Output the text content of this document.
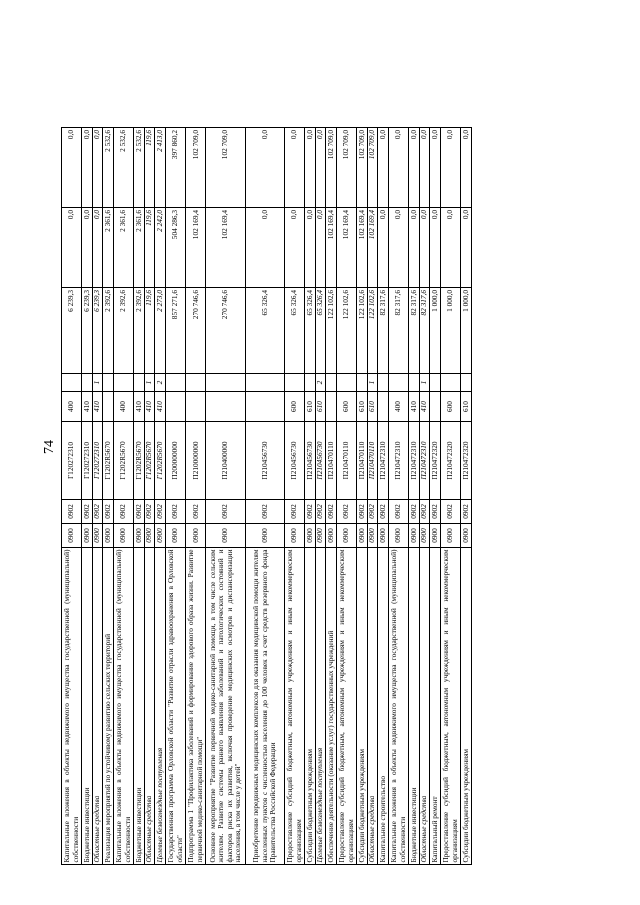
74
Капитальные вложения в объекты недвижимого имущества государственной (муниципальной) собственности	0900	0902	Г120272310	400		6 239,3	0,0	0,0
Бюджетные инвестиции	0900	0902	Г120272310	410		6 239,3	0,0	0,0
Областные средства	0900	0902	Г120272310	410	1	6 239,3	0,0	0,0
Реализация мероприятий по устойчивому развитию сельских территорий	0900	0902	Г1202R5670			2 392,6	2 361,6	2 532,6
Капитальные вложения в объекты недвижимого имущества государственной (муниципальной) собственности	0900	0902	Г1202R5670	400		2 392,6	2 361,6	2 532,6
Бюджетные инвестиции	0900	0902	Г1202R5670	410		2 392,6	2 361,6	2 532,6
Областные средства	0900	0902	Г1202R5670	410	1	119,6	119,6	119,6
Целевые безвозмездные поступления	0900	0902	Г1202R5670	410	2	2 273,0	2 242,0	2 413,0
Государственная программа Орловской области "Развитие отрасли здравоохранения в Орловской области"	0900	0902	П200000000			857 271,6	504 286,3	397 860,2
Подпрограмма 1 "Профилактика заболеваний и формирование здорового образа жизни. Развитие первичной медико-санитарной помощи"	0900	0902	П210000000			270 746,6	102 169,4	102 709,0
Основное мероприятие "Развитие первичной медико-санитарной помощи, в том числе сельским жителям. Развитие системы раннего выявления заболеваний и патологических состояний и факторов риска их развития, включая проведение медицинских осмотров и диспансеризации населения, в том числе у детей"	0900	0902	П210400000			270 746,6	102 169,4	102 709,0
Приобретение передвижных медицинских комплексов для оказания медицинской помощи жителям населенных пунктов с численностью населения до 100 человек за счет средств резервного фонда Правительства Российской Федерации	0900	0902	П210456730			65 326,4	0,0	0,0
Предоставление субсидий бюджетным, автономным учреждениям и иным некоммерческим организациям	0900	0902	П210456730	600		65 326,4	0,0	0,0
Субсидии бюджетным учреждениям	0900	0902	П210456730	610		65 326,4	0,0	0,0
Целевые безвозмездные поступления	0900	0902	П210456730	610	2	65 326,4	0,0	0,0
Обеспечение деятельности (оказание услуг) государственных учреждений	0900	0902	П210470110			122 102,6	102 169,4	102 709,0
Предоставление субсидий бюджетным, автономным учреждениям и иным некоммерческим организациям	0900	0902	П210470110	600		122 102,6	102 169,4	102 709,0
Субсидии бюджетным учреждениям	0900	0902	П210470110	610		122 102,6	102 169,4	102 709,0
Областные средства	0900	0902	П210470110	610	1	122 102,6	102 169,4	102 709,0
Капитальное строительство	0900	0902	П210472310			82 317,6	0,0	0,0
Капитальные вложения в объекты недвижимого имущества государственной (муниципальной) собственности	0900	0902	П210472310	400		82 317,6	0,0	0,0
Бюджетные инвестиции	0900	0902	П210472310	410		82 317,6	0,0	0,0
Областные средства	0900	0902	П210472310	410	1	82 317,6	0,0	0,0
Капитальный ремонт	0900	0902	П210472320			1 000,0	0,0	0,0
Предоставление субсидий бюджетным, автономным учреждениям и иным некоммерческим организациям	0900	0902	П210472320	600		1 000,0	0,0	0,0
Субсидии бюджетным учреждениям	0900	0902	П210472320	610		1 000,0	0,0	0,0
